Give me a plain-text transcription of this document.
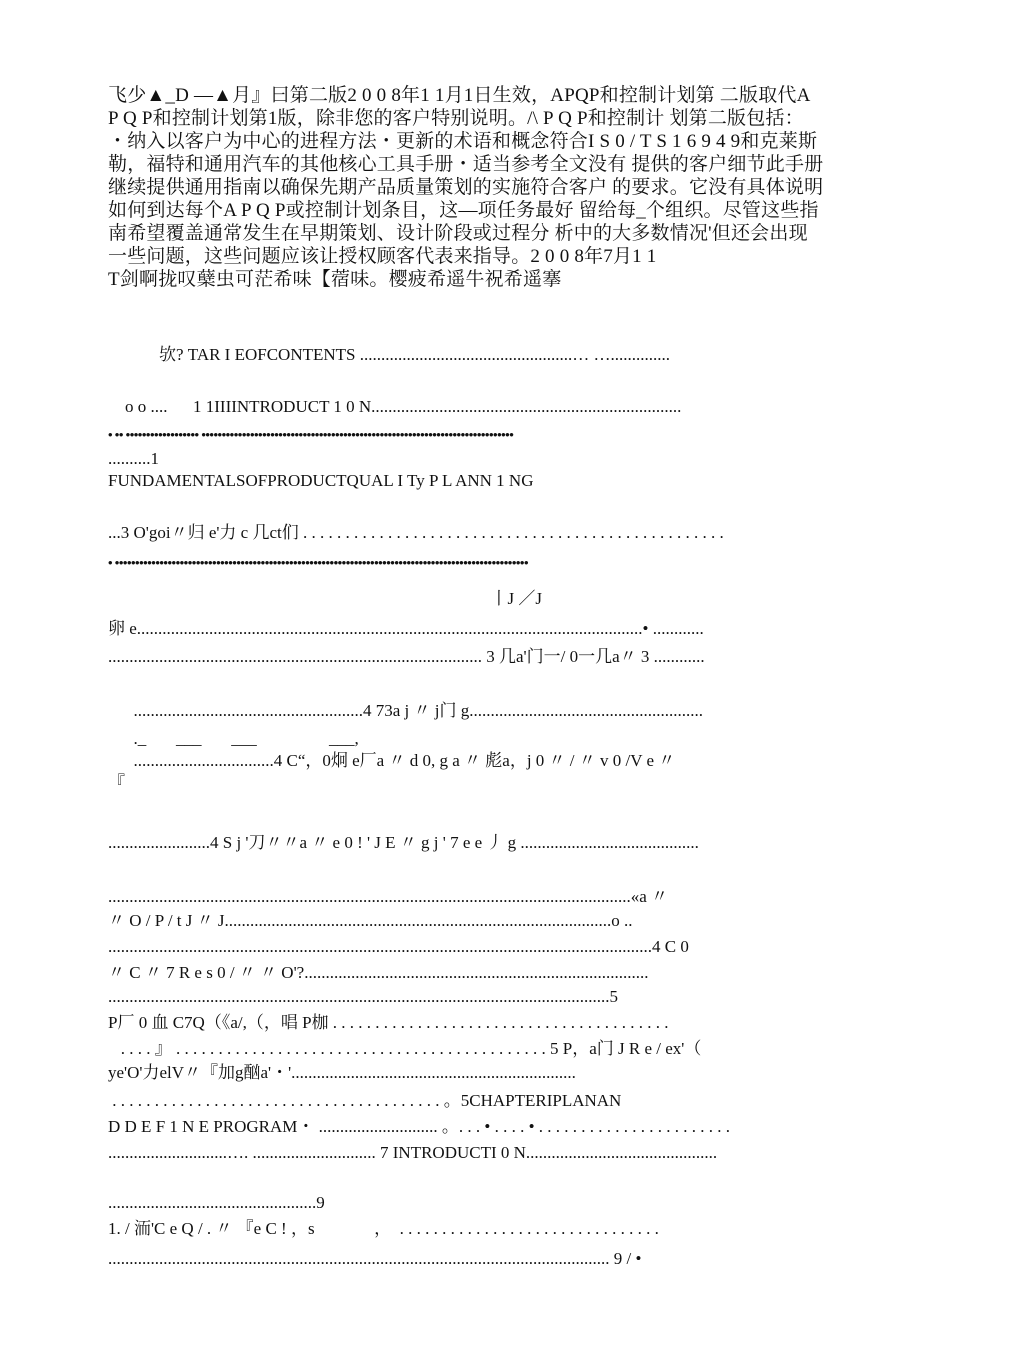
飞少▲_D —▲月』曰第二版2 0 0 8年1 1月1日生效，APQP和控制计划第 二版取代A
P Q P和控制计划第1版，除非您的客户特别说明。/\ P Q P和控制计 划第二版包括：
・纳入以客户为中心的进程方法・更新的术语和概念符合I S 0 / T S 1 6 9 4 9和克莱斯
勒，福特和通用汽车的其他核心工具手册・适当参考全文没有 提供的客户细节此手册
继续提供通用指南以确保先期产品质量策划的实施符合客户 的要求。它没有具体说明
如何到达每个A P Q P或控制计划条目，这—项任务最好 留给每_个组织。尽管这些指
南希望覆盖通常发生在早期策划、设计阶段或过程分 析中的大多数情况'但还会出现
一些问题，这些问题应该让授权顾客代表来指导。2 0 0 8年7月1 1
T剑啊拢叹蘖虫可茫希味【蓿味。樱疲希遥牛祝希遥搴
欤? TAR I EOFCONTENTS ..................................................… …..............
o o ....      1 1IIIINTRODUCT 1 0 N.........................................................................
• •• •••••••••••••••••• •••••••••••••••••••••••••••••••••••••••••••••••••••••••••••••••••••••••••••••
..........1
FUNDAMENTALSOFPRODUCTQUAL I Ty P L ANN 1 NG
...3 O'goi〃归 e'力 c 几ct们 . . . . . . . . . . . . . . . . . . . . . . . . . . . . . . . . . . . . . . . . . . . . . . . . . .
• ••••••••••••••••••••••••••••••••••••••••••••••••••••••••••••••••••••••••••••••••••••••••••••••••••••••
丨J ／J
卵 e.......................................................................................................................• ............
........................................................................................ 3 几a'门一/ 0一几a〃 3 ............
......................................................4 73a j 〃 j门 g.......................................................
._       ___       ___                 ___,
.................................4 C“，0炯 e厂a 〃 d 0, g a 〃 彪a，j 0 〃 / 〃 v 0 /V e 〃
『
........................4 S j '刀〃〃a 〃 e 0 ! ' J E 〃 g j ' 7 e e 丿 g ..........................................
...........................................................................................................................«a 〃
〃 O / P / t J 〃 J...........................................................................................o ..
................................................................................................................................4 C 0
〃 C 〃 7 R e s 0 / 〃 〃 O'?.................................................................................
......................................................................................................................5
P厂 0 血 C7Q（《a/,（，唱 P枷 . . . . . . . . . . . . . . . . . . . . . . . . . . . . . . . . . . . . . . . .
. . . . 』 . . . . . . . . . . . . . . . . . . . . . . . . . . . . . . . . . . . . . . . . . . . . 5 P，a门 J R e / ex'（
ye'O'力elV〃『加g酗a'・'...................................................................
. . . . . . . . . . . . . . . . . . . . . . . . . . . . . . . . . . . . . . . 。5CHAPTERIPLANAN
D D E F 1 N E PROGRAM・ ............................ 。. . . • . . . . • . . . . . . . . . . . . . . . . . . . . . . .
............................…. ............................. 7 INTRODUCTI 0 N.............................................
.................................................9
1. / 洏'C e Q / . 〃 『e C ! ，s              ，  . . . . . . . . . . . . . . . . . . . . . . . . . . . . . . .
...................................................................................................................... 9 / •
